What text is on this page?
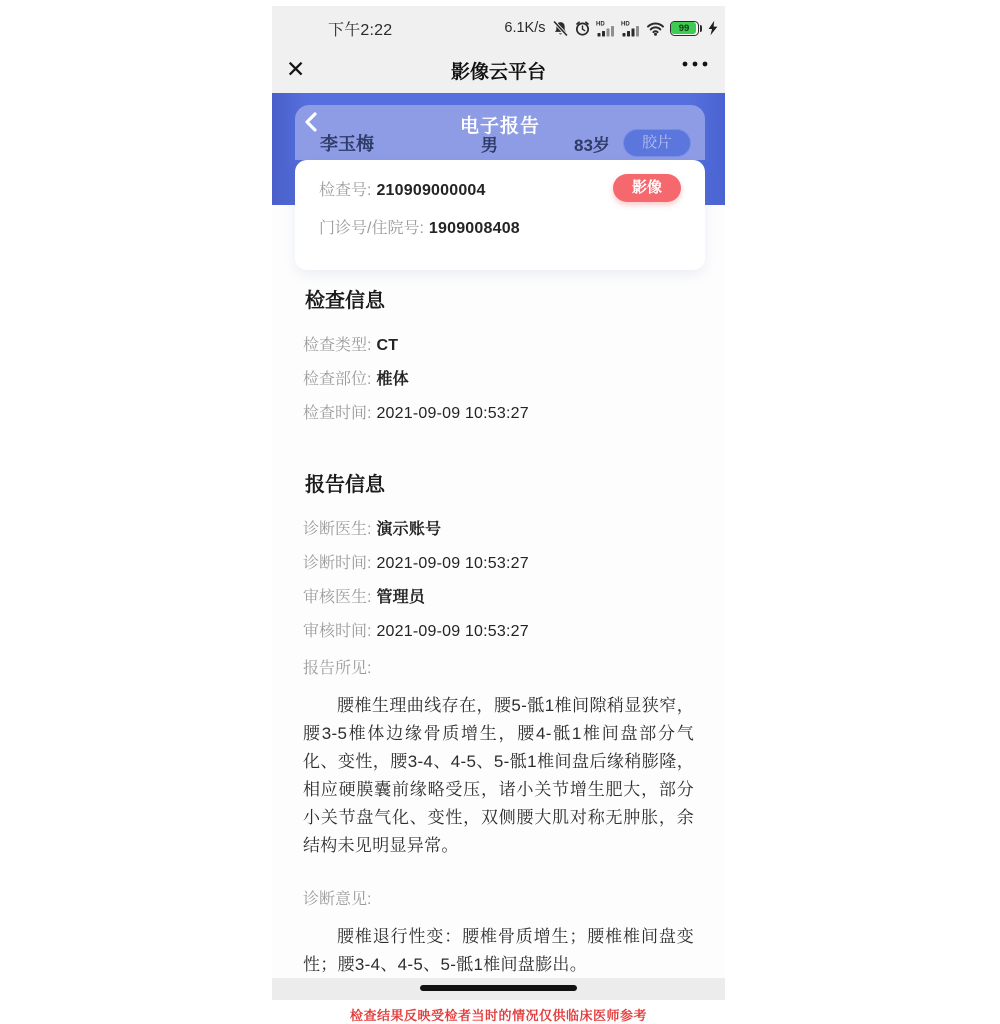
下午2:22	6.1K/s	HD	HD	99
✕	影像云平台
电子报告
李玉梅	男	83岁	胶片
检查号: 210909000004	影像
门诊号/住院号: 1909008408
检查信息
检查类型: CT
检查部位: 椎体
检查时间: 2021-09-09 10:53:27
报告信息
诊断医生: 演示账号
诊断时间: 2021-09-09 10:53:27
审核医生: 管理员
审核时间: 2021-09-09 10:53:27
报告所见:

腰椎生理曲线存在，腰5-骶1椎间隙稍显狭窄，腰3-5椎体边缘骨质增生，腰4-骶1椎间盘部分气化、变性，腰3-4、4-5、5-骶1椎间盘后缘稍膨隆，相应硬膜囊前缘略受压，诸小关节增生肥大，部分小关节盘气化、变性，双侧腰大肌对称无肿胀，余结构未见明显异常。

诊断意见:

腰椎退行性变：腰椎骨质增生；腰椎椎间盘变性；腰3-4、4-5、5-骶1椎间盘膨出。

检查结果反映受检者当时的情况仅供临床医师参考
